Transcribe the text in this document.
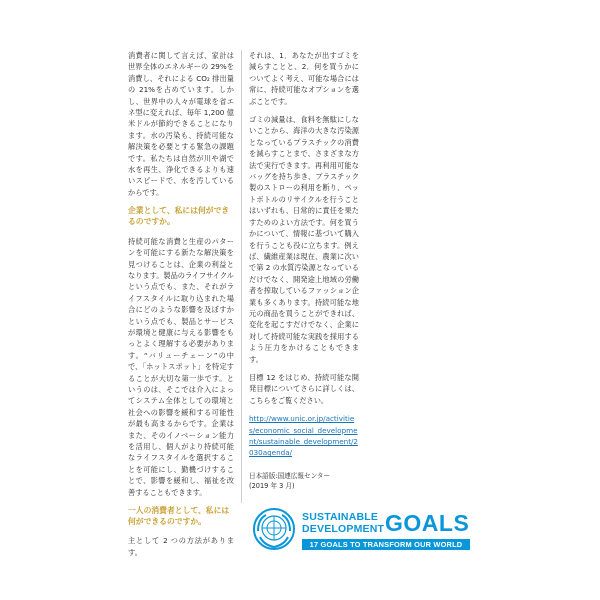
消費者に関して言えば、家計は世界全体のエネルギーの 29%を消費し、それによる CO₂ 排出量の 21%を占めています。しかし、世界中の人々が電球を省エネ型に変えれば、毎年 1,200 億米ドルが節約できることになります。水の汚染も、持続可能な解決策を必要とする緊急の課題です。私たちは自然が川や湖で水を再生、浄化できるよりも速いスピードで、水を汚しているからです。

企業として、私には何ができるのですか。

持続可能な消費と生産のパターンを可能にする新たな解決策を見つけることは、企業の利益となります。製品のライフサイクルという点でも、また、それがライフスタイルに取り込まれた場合にどのような影響を及ぼすかという点でも、製品とサービスが環境と健康に与える影響をもっとよく理解する必要があります。“バリューチェーン”の中で、「ホットスポット」を特定することが大切な第一歩です。というのは、そこでは介入によってシステム全体としての環境と社会への影響を緩和する可能性が最も高まるからです。企業はまた、そのイノベーション能力を活用し、個人がより持続可能なライフスタイルを選択することを可能にし、勤機づけすることで、影響を緩和し、福祉を改善することもできます。

一人の消費者として、私には何ができるのですか。

主として 2 つの方法があります。

それは、1．あなたが出すゴミを減らすことと、2．何を買うかについてよく考え、可能な場合には常に、持続可能なオプションを選ぶことです。

ゴミの減量は、食料を無駄にしないことから、海洋の大きな汚染源となっているプラスチックの消費を減らすことまで、さまざまな方法で実行できます。再利用可能なバッグを持ち歩き、プラスチック製のストローの利用を断り、ペットボトルのリサイクルを行うことはいずれも、日常的に責任を果たすためのよい方法です。何を買うかについて、情報に基づいて購入を行うことも役に立ちます。例えば、繊維産業は現在、農業に次いで第 2 の水質汚染源となっているだけでなく、開発途上地域の労働者を搾取しているファッション企業も多くあります。持続可能な地元の商品を買うことができれば、変化を起こすだけでなく、企業に対して持続可能な実践を採用するよう圧力をかけることもできます。

目標 12 をはじめ、持続可能な開発目標についてさらに詳しくは、こちらをご覧ください。

http://www.unic.or.jp/activities/economic_social_development/sustainable_development/2030agenda/
日本語版:国連広報センター
(2019 年 3 月)
SUSTAINABLE
DEVELOPMENT GOALS
17 GOALS TO TRANSFORM OUR WORLD
